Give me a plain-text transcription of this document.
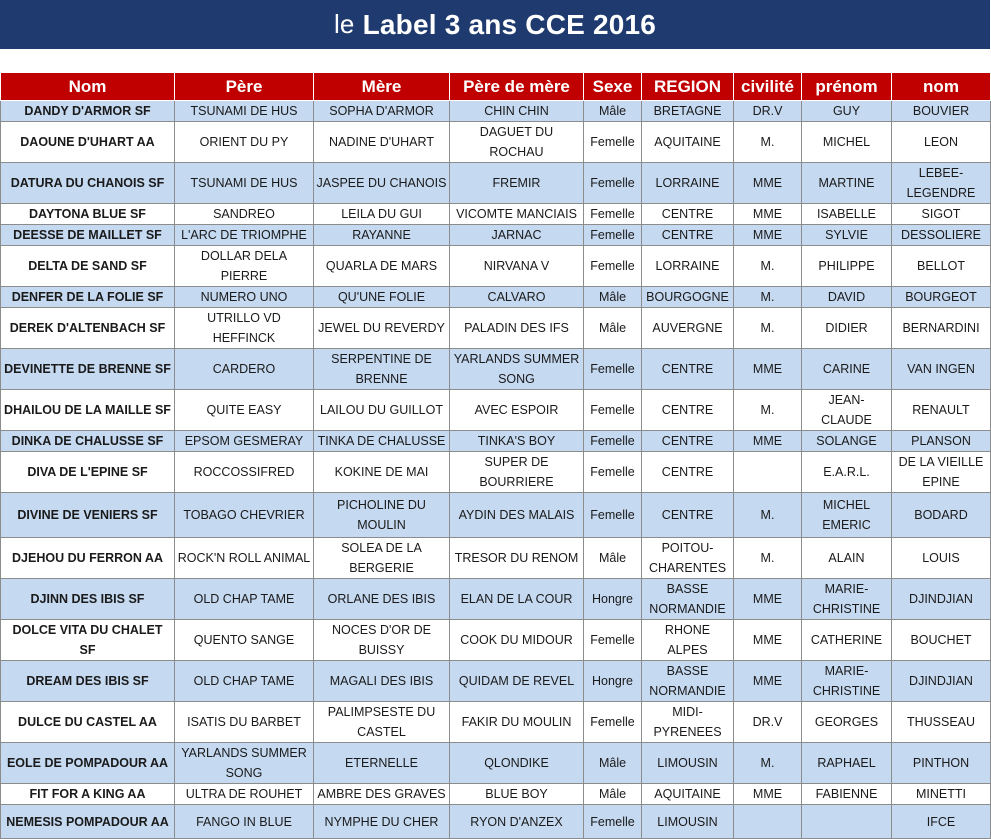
le Label 3 ans CCE 2016
Nom	Père	Mère	Père de mère	Sexe	REGION	civilité	prénom	nom
DANDY D'ARMOR SF	TSUNAMI DE HUS	SOPHA D'ARMOR	CHIN CHIN	Mâle	BRETAGNE	DR.V	GUY	BOUVIER
DAOUNE D'UHART AA	ORIENT DU PY	NADINE D'UHART	DAGUET DU ROCHAU	Femelle	AQUITAINE	M.	MICHEL	LEON
DATURA DU CHANOIS SF	TSUNAMI DE HUS	JASPEE DU CHANOIS	FREMIR	Femelle	LORRAINE	MME	MARTINE	LEBEE-LEGENDRE
DAYTONA BLUE SF	SANDREO	LEILA DU GUI	VICOMTE MANCIAIS	Femelle	CENTRE	MME	ISABELLE	SIGOT
DEESSE DE MAILLET SF	L'ARC DE TRIOMPHE	RAYANNE	JARNAC	Femelle	CENTRE	MME	SYLVIE	DESSOLIERE
DELTA DE SAND SF	DOLLAR DELA PIERRE	QUARLA DE MARS	NIRVANA V	Femelle	LORRAINE	M.	PHILIPPE	BELLOT
DENFER DE LA FOLIE SF	NUMERO UNO	QU'UNE FOLIE	CALVARO	Mâle	BOURGOGNE	M.	DAVID	BOURGEOT
DEREK D'ALTENBACH SF	UTRILLO VD HEFFINCK	JEWEL DU REVERDY	PALADIN DES IFS	Mâle	AUVERGNE	M.	DIDIER	BERNARDINI
DEVINETTE DE BRENNE SF	CARDERO	SERPENTINE DE BRENNE	YARLANDS SUMMER SONG	Femelle	CENTRE	MME	CARINE	VAN INGEN
DHAILOU DE LA MAILLE SF	QUITE EASY	LAILOU DU GUILLOT	AVEC ESPOIR	Femelle	CENTRE	M.	JEAN-CLAUDE	RENAULT
DINKA DE CHALUSSE SF	EPSOM GESMERAY	TINKA DE CHALUSSE	TINKA'S BOY	Femelle	CENTRE	MME	SOLANGE	PLANSON
DIVA DE L'EPINE SF	ROCCOSSIFRED	KOKINE DE MAI	SUPER DE BOURRIERE	Femelle	CENTRE		E.A.R.L.	DE LA VIEILLE EPINE
DIVINE DE VENIERS SF	TOBAGO CHEVRIER	PICHOLINE DU MOULIN	AYDIN DES MALAIS	Femelle	CENTRE	M.	MICHEL EMERIC	BODARD
DJEHOU DU FERRON AA	ROCK'N ROLL ANIMAL	SOLEA DE LA BERGERIE	TRESOR DU RENOM	Mâle	POITOU-CHARENTES	M.	ALAIN	LOUIS
DJINN DES IBIS SF	OLD CHAP TAME	ORLANE DES IBIS	ELAN DE LA COUR	Hongre	BASSE NORMANDIE	MME	MARIE-CHRISTINE	DJINDJIAN
DOLCE VITA DU CHALET SF	QUENTO SANGE	NOCES D'OR DE BUISSY	COOK DU MIDOUR	Femelle	RHONE ALPES	MME	CATHERINE	BOUCHET
DREAM DES IBIS SF	OLD CHAP TAME	MAGALI DES IBIS	QUIDAM DE REVEL	Hongre	BASSE NORMANDIE	MME	MARIE-CHRISTINE	DJINDJIAN
DULCE DU CASTEL AA	ISATIS DU BARBET	PALIMPSESTE DU CASTEL	FAKIR DU MOULIN	Femelle	MIDI-PYRENEES	DR.V	GEORGES	THUSSEAU
EOLE DE POMPADOUR AA	YARLANDS SUMMER SONG	ETERNELLE	QLONDIKE	Mâle	LIMOUSIN	M.	RAPHAEL	PINTHON
FIT FOR A KING AA	ULTRA DE ROUHET	AMBRE DES GRAVES	BLUE BOY	Mâle	AQUITAINE	MME	FABIENNE	MINETTI
NEMESIS POMPADOUR AA	FANGO IN BLUE	NYMPHE DU CHER	RYON D'ANZEX	Femelle	LIMOUSIN			IFCE
